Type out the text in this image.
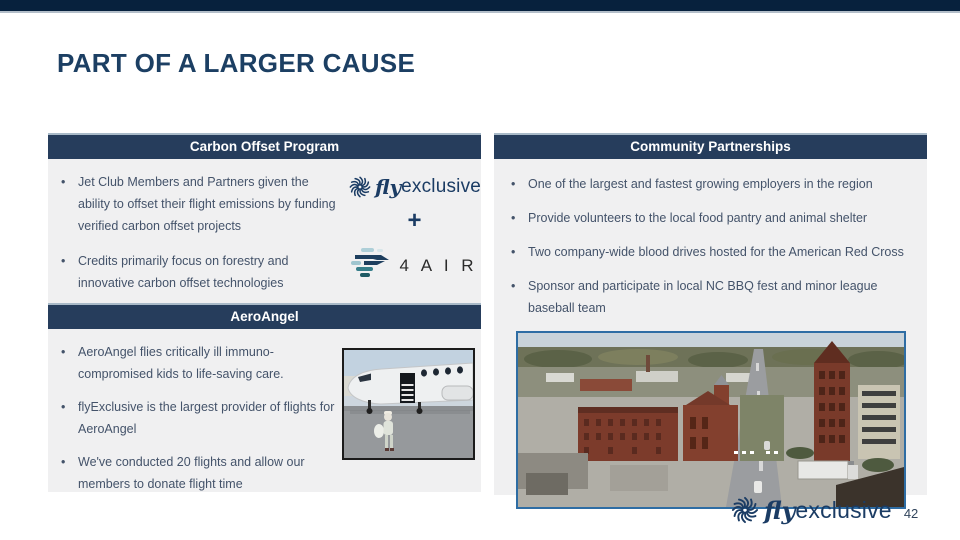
PART OF A LARGER CAUSE
Carbon Offset Program
• Jet Club Members and Partners given the ability to offset their flight emissions by funding verified carbon offset projects
• Credits primarily focus on forestry and innovative carbon offset technologies
fly exclusive
+
4 A I R
AeroAngel
• AeroAngel flies critically ill immuno-compromised kids to life-saving care.
• flyExclusive is the largest provider of flights for AeroAngel
• We've conducted 20 flights and allow our members to donate flight time
Community Partnerships
• One of the largest and fastest growing employers in the region
• Provide volunteers to the local food pantry and animal shelter
• Two company-wide blood drives hosted for the American Red Cross
• Sponsor and participate in local NC BBQ fest and minor league baseball team
fly exclusive 42
